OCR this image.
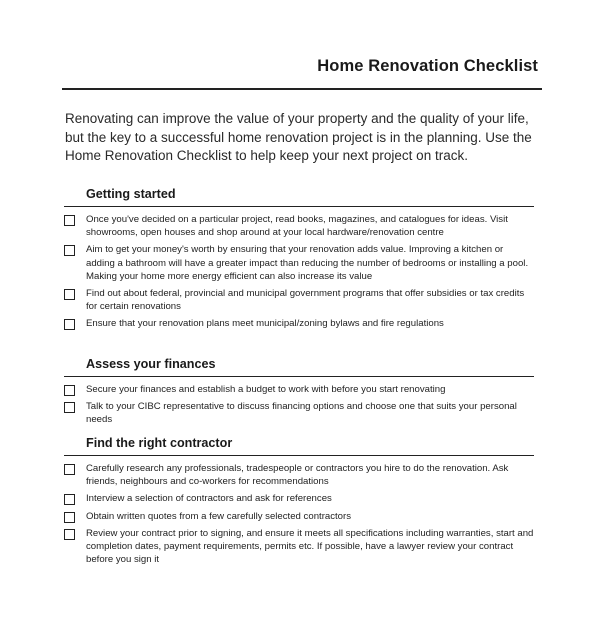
Home Renovation Checklist

Renovating can improve the value of your property and the quality of your life, but the key to a successful home renovation project is in the planning. Use the Home Renovation Checklist to help keep your next project on track.

Getting started
Once you've decided on a particular project, read books, magazines, and catalogues for ideas. Visit showrooms, open houses and shop around at your local hardware/renovation centre
Aim to get your money's worth by ensuring that your renovation adds value. Improving a kitchen or adding a bathroom will have a greater impact than reducing the number of bedrooms or installing a pool. Making your home more energy efficient can also increase its value
Find out about federal, provincial and municipal government programs that offer subsidies or tax credits for certain renovations
Ensure that your renovation plans meet municipal/zoning bylaws and fire regulations
Assess your finances
Secure your finances and establish a budget to work with before you start renovating
Talk to your CIBC representative to discuss financing options and choose one that suits your personal needs
Find the right contractor
Carefully research any professionals, tradespeople or contractors you hire to do the renovation. Ask friends, neighbours and co-workers for recommendations
Interview a selection of contractors and ask for references
Obtain written quotes from a few carefully selected contractors
Review your contract prior to signing, and ensure it meets all specifications including warranties, start and completion dates, payment requirements, permits etc. If possible, have a lawyer review your contract before you sign it
